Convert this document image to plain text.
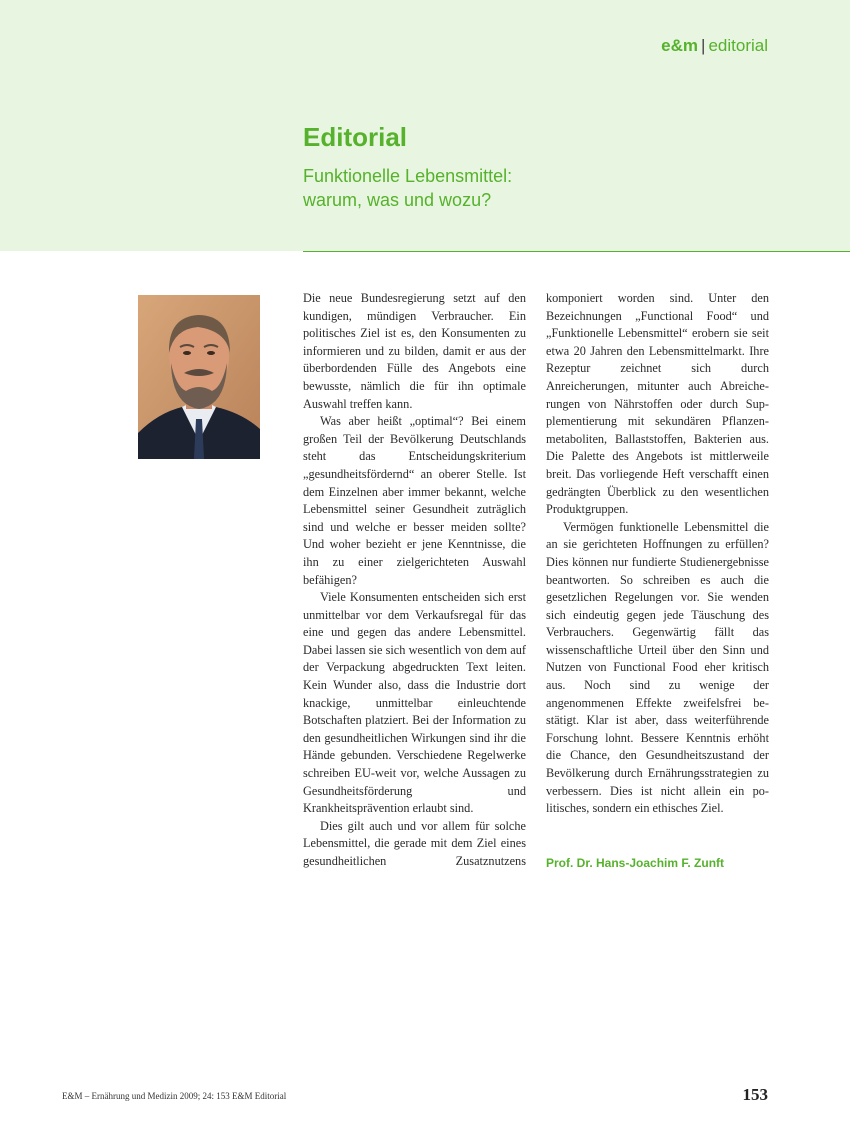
e&m | editorial
Editorial
Funktionelle Lebensmittel:
warum, was und wozu?

Die neue Bundesregierung setzt auf den kundigen, mündigen Verbraucher. Ein politisches Ziel ist es, den Konsumenten zu informieren und zu bilden, damit er aus der überbordenden Fülle des Angebots eine bewusste, nämlich die für ihn optimale Auswahl treffen kann.

Was aber heißt „optimal“? Bei einem großen Teil der Bevölkerung Deutschlands steht das Entscheidungskriterium „gesundheitsfördernd“ an oberer Stelle. Ist dem Einzelnen aber immer bekannt, welche Lebensmittel seiner Gesundheit zuträglich sind und welche er besser meiden sollte? Und woher bezieht er jene Kenntnisse, die ihn zu einer zielgerichteten Auswahl befähigen?

Viele Konsumenten entscheiden sich erst unmittelbar vor dem Verkaufsregal für das eine und gegen das andere Lebensmittel. Dabei lassen sie sich wesentlich von dem auf der Verpackung abgedruckten Text leiten. Kein Wunder also, dass die Industrie dort knackige, unmittelbar einleuchtende Botschaften platziert. Bei der Information zu den gesundheitlichen Wirkungen sind ihr die Hände gebunden. Verschiedene Regelwerke schreiben EU-weit vor, welche Aussagen zu Gesundheitsförderung und Krankheitsprävention erlaubt sind.

Dies gilt auch und vor allem für solche Lebensmittel, die gerade mit dem Ziel eines gesundheitlichen Zusatznutzens

komponiert worden sind. Unter den Bezeichnungen „Functional Food“ und „Funktionelle Lebensmittel“ erobern sie seit etwa 20 Jahren den Lebensmittelmarkt. Ihre Rezeptur zeichnet sich durch Anreicherungen, mitunter auch Abreicherungen von Nährstoffen oder durch Supplementierung mit sekundären Pflanzenmetaboliten, Ballaststoffen, Bakterien aus. Die Palette des Angebots ist mittlerweile breit. Das vorliegende Heft verschafft einen gedrängten Überblick zu den wesentlichen Produktgruppen.

Vermögen funktionelle Lebensmittel die an sie gerichteten Hoffnungen zu erfüllen? Dies können nur fundierte Studienergebnisse beantworten. So schreiben es auch die gesetzlichen Regelungen vor. Sie wenden sich eindeutig gegen jede Täuschung des Verbrauchers. Gegenwärtig fällt das wissenschaftliche Urteil über den Sinn und Nutzen von Functional Food eher kritisch aus. Noch sind zu wenige der angenommenen Effekte zweifelsfrei bestätigt. Klar ist aber, dass weiterführende Forschung lohnt. Bessere Kenntnis erhöht die Chance, den Gesundheitszustand der Bevölkerung durch Ernährungsstrategien zu verbessern. Dies ist nicht allein ein politisches, sondern ein ethisches Ziel.

Prof. Dr. Hans-Joachim F. Zunft
E&M – Ernährung und Medizin 2009; 24: 153 E&M Editorial	153
